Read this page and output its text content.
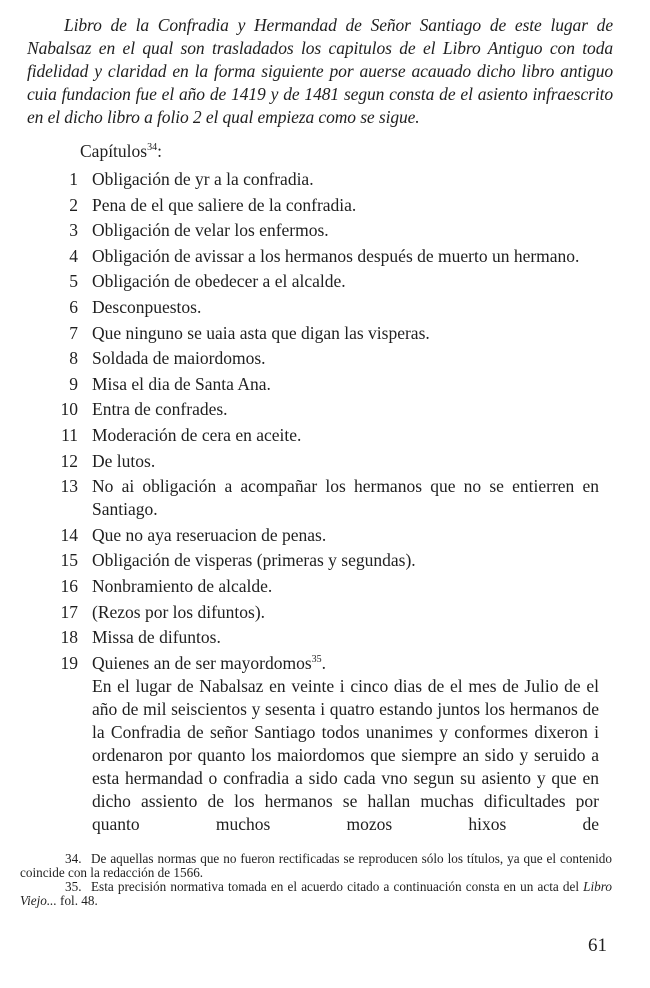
Libro de la Confradia y Hermandad de Señor Santiago de este lugar de Nabalsaz en el qual son trasladados los capitulos de el Libro Antiguo con toda fidelidad y claridad en la forma siguiente por auerse acauado dicho libro antiguo cuia fundacion fue el año de 1419 y de 1481 segun consta de el asiento infraescrito en el dicho libro a folio 2 el qual empieza como se sigue.

Capítulos$^{34}$:

1 Obligación de yr a la confradia.
2 Pena de el que saliere de la confradia.
3 Obligación de velar los enfermos.
4 Obligación de avissar a los hermanos después de muerto un hermano.
5 Obligación de obedecer a el alcalde.
6 Desconpuestos.
7 Que ninguno se uaia asta que digan las visperas.
8 Soldada de maiordomos.
9 Misa el dia de Santa Ana.
10 Entra de confrades.
11 Moderación de cera en aceite.
12 De lutos.
13 No ai obligación a acompañar los hermanos que no se entierren en Santiago.
14 Que no aya reseruacion de penas.
15 Obligación de visperas (primeras y segundas).
16 Nonbramiento de alcalde.
17 (Rezos por los difuntos).
18 Missa de difuntos.
19 Quienes an de ser mayordomos$^{35}$.
En el lugar de Nabalsaz en veinte i cinco dias de el mes de Julio de el año de mil seiscientos y sesenta i quatro estando juntos los hermanos de la Confradia de señor Santiago todos unanimes y conformes dixeron i ordenaron por quanto los maiordomos que siempre an sido y seruido a esta hermandad o confradia a sido cada vno segun su asiento y que en dicho assiento de los hermanos se hallan muchas dificultades por quanto muchos mozos hixos de

34. De aquellas normas que no fueron rectificadas se reproducen sólo los títulos, ya que el contenido coincide con la redacción de 1566.

35. Esta precisión normativa tomada en el acuerdo citado a continuación consta en un acta del Libro Viejo... fol. 48.

61
